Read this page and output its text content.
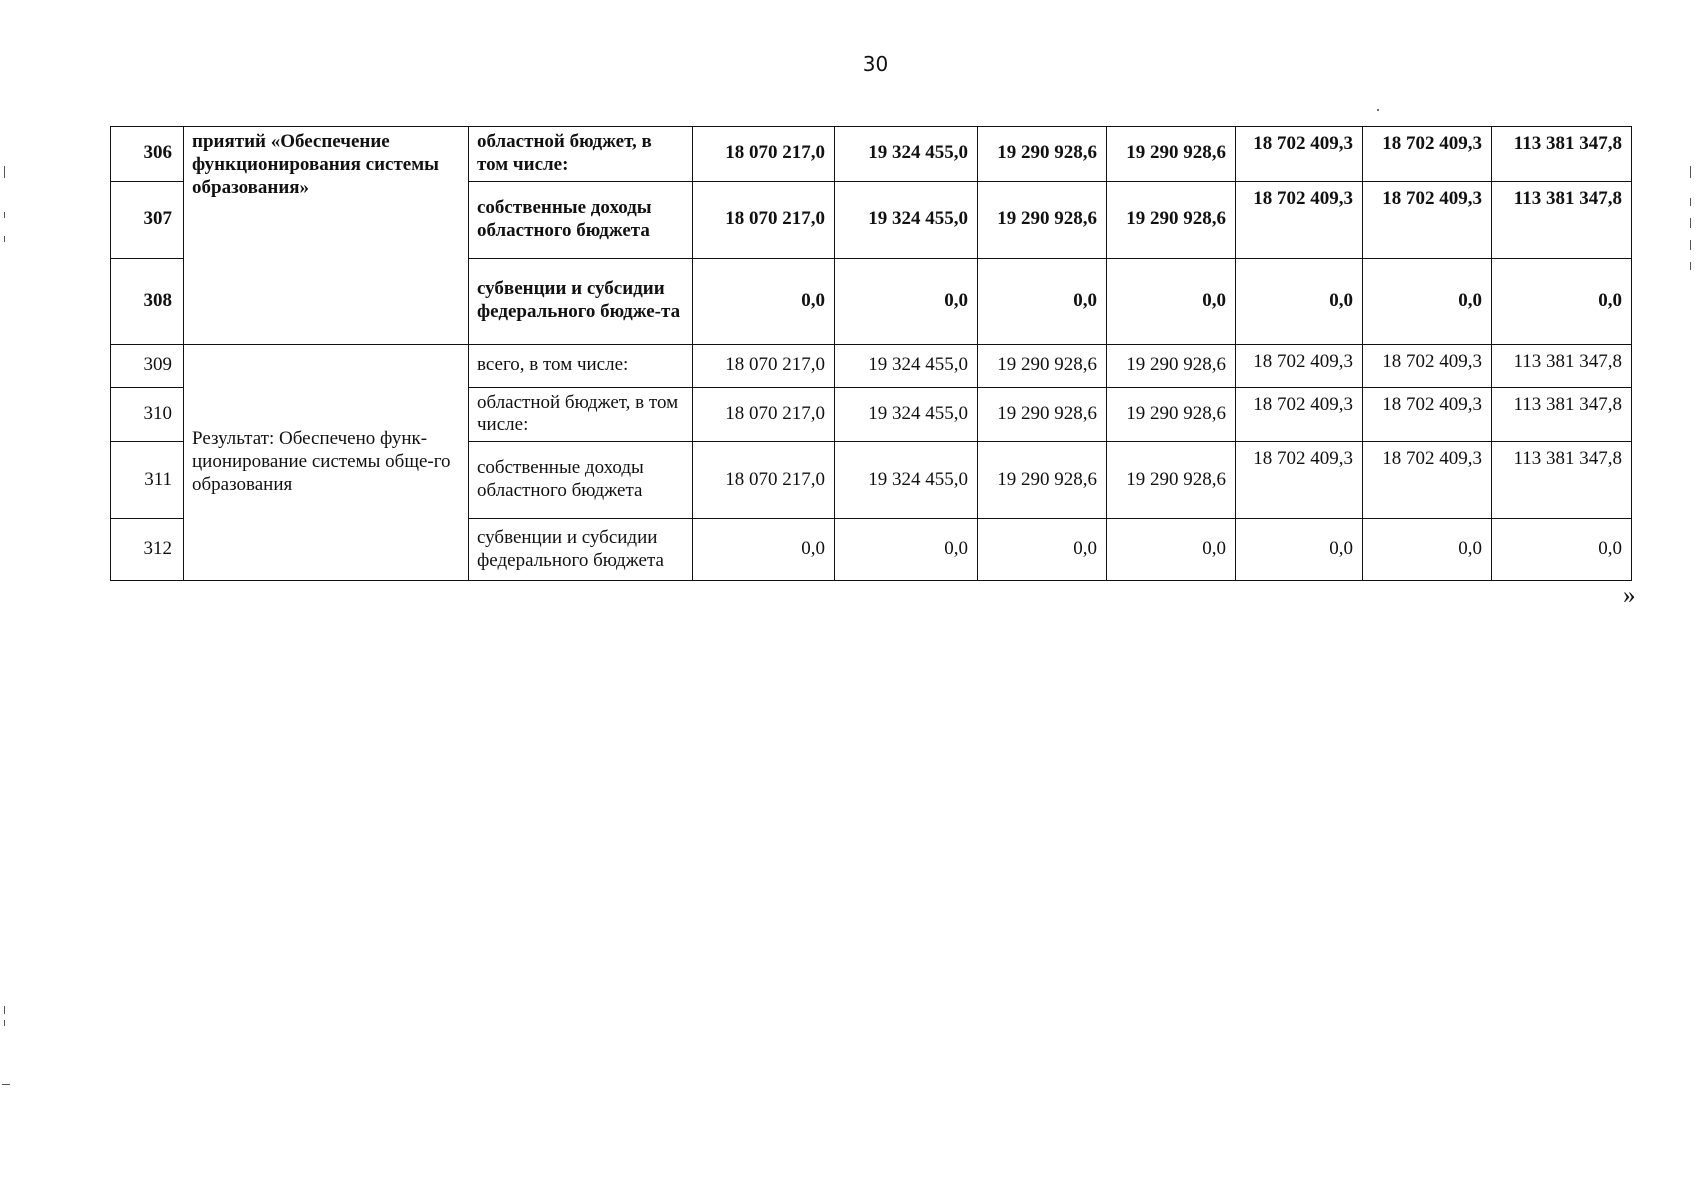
30
306	приятий «Обеспечение функционирования системы образования»	областной бюджет, в том числе:	18 070 217,0	19 324 455,0	19 290 928,6	19 290 928,6	18 702 409,3	18 702 409,3	113 381 347,8
307		собственные доходы областного бюджета	18 070 217,0	19 324 455,0	19 290 928,6	19 290 928,6	18 702 409,3	18 702 409,3	113 381 347,8
308		субвенции и субсидии федерального бюдже-та	0,0	0,0	0,0	0,0	0,0	0,0	0,0
309	Результат: Обеспечено функ-ционирование системы обще-го образования	всего, в том числе:	18 070 217,0	19 324 455,0	19 290 928,6	19 290 928,6	18 702 409,3	18 702 409,3	113 381 347,8
310		областной бюджет, в том числе:	18 070 217,0	19 324 455,0	19 290 928,6	19 290 928,6	18 702 409,3	18 702 409,3	113 381 347,8
311		собственные доходы областного бюджета	18 070 217,0	19 324 455,0	19 290 928,6	19 290 928,6	18 702 409,3	18 702 409,3	113 381 347,8
312		субвенции и субсидии федерального бюджета	0,0	0,0	0,0	0,0	0,0	0,0	0,0
»
